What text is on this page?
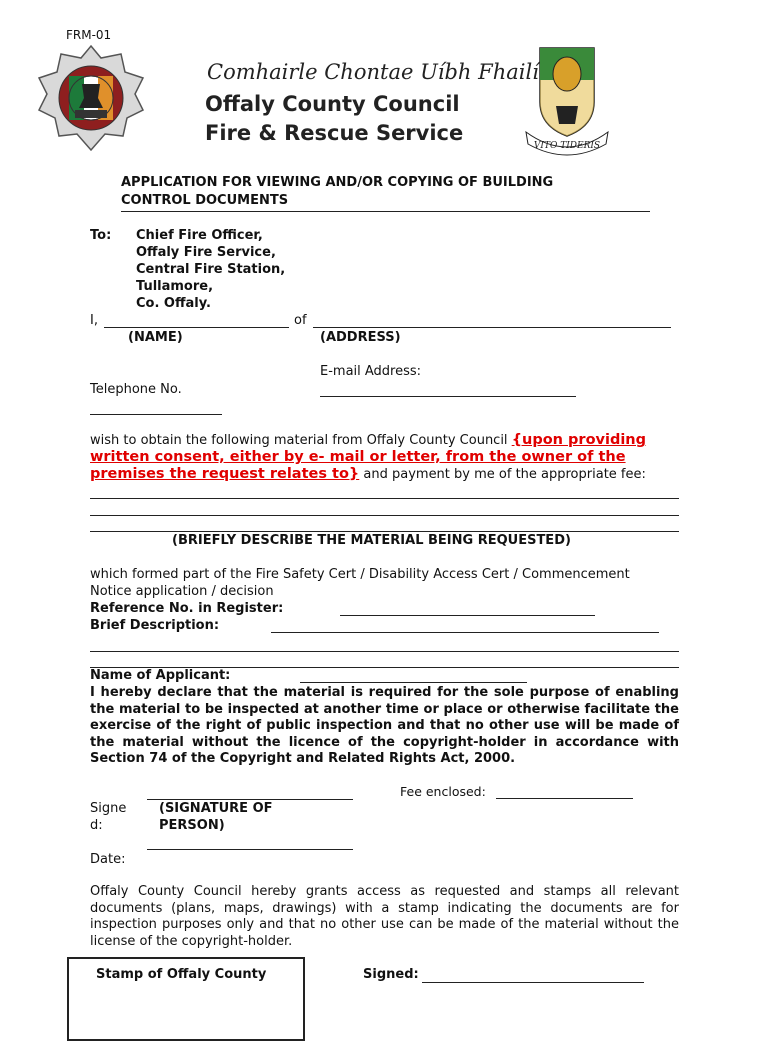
FRM-01
Comhairle Chontae Uíbh Fhailí
Offaly County Council
Fire & Rescue Service
VITO TIDERIS
APPLICATION FOR VIEWING AND/OR COPYING OF BUILDING
CONTROL DOCUMENTS
To: Chief Fire Officer,
Offaly Fire Service,
Central Fire Station,
Tullamore,
Co. Offaly.
I,	of
(NAME)	(ADDRESS)
E-mail Address:
Telephone No.
wish to obtain the following material from Offaly County Council {upon providing written consent, either by e- mail or letter, from the owner of the premises the request relates to} and payment by me of the appropriate fee:
(BRIEFLY DESCRIBE THE MATERIAL BEING REQUESTED)
which formed part of the Fire Safety Cert / Disability Access Cert / Commencement
Notice application / decision
Reference No. in Register:
Brief Description:
Name of Applicant:
I hereby declare that the material is required for the sole purpose of enabling the material to be inspected at another time or place or otherwise facilitate the exercise of the right of public inspection and that no other use will be made of the material without the licence of the copyright-holder in accordance with Section 74 of the Copyright and Related Rights Act, 2000.
Fee enclosed:
Signe
d:
(SIGNATURE OF
PERSON)
Date:
Offaly County Council hereby grants access as requested and stamps all relevant documents (plans, maps, drawings) with a stamp indicating the documents are for inspection purposes only and that no other use can be made of the material without the license of the copyright-holder.
Stamp of Offaly County	Signed:
